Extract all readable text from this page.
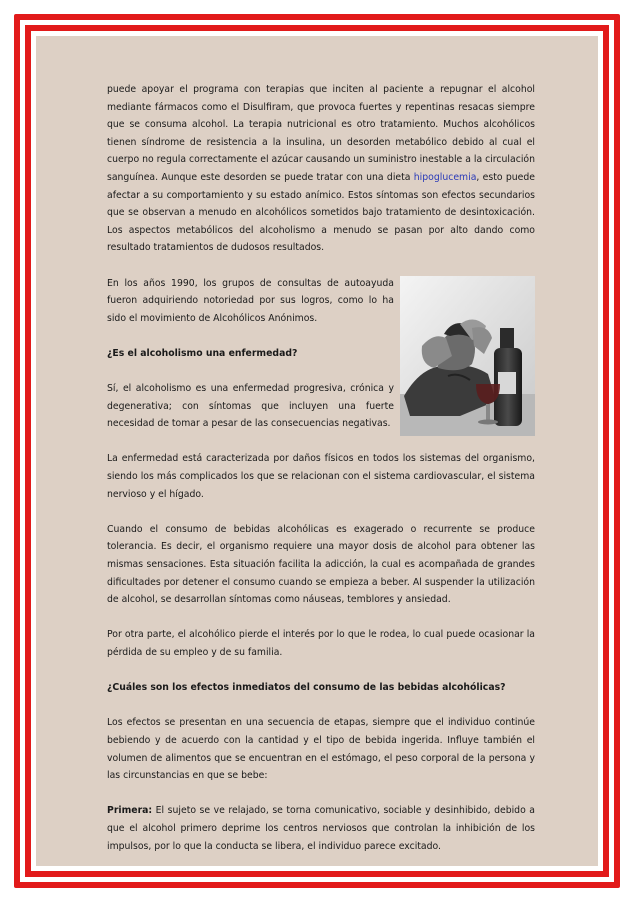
puede apoyar el programa con terapias que inciten al paciente a repugnar el alcohol mediante fármacos como el Disulfiram, que provoca fuertes y repentinas resacas siempre que se consuma alcohol. La terapia nutricional es otro tratamiento. Muchos alcohólicos tienen síndrome de resistencia a la insulina, un desorden metabólico debido al cual el cuerpo no regula correctamente el azúcar causando un suministro inestable a la circulación sanguínea. Aunque este desorden se puede tratar con una dieta hipoglucemia, esto puede afectar a su comportamiento y su estado anímico. Estos síntomas son efectos secundarios que se observan a menudo en alcohólicos sometidos bajo tratamiento de desintoxicación. Los aspectos metabólicos del alcoholismo a menudo se pasan por alto dando como resultado tratamientos de dudosos resultados.

En los años 1990, los grupos de consultas de autoayuda fueron adquiriendo notoriedad por sus logros, como lo ha sido el movimiento de Alcohólicos Anónimos.

¿Es el alcoholismo una enfermedad?

Sí, el alcoholismo es una enfermedad progresiva, crónica y degenerativa; con síntomas que incluyen una fuerte necesidad de tomar a pesar de las consecuencias negativas.

La enfermedad está caracterizada por daños físicos en todos los sistemas del organismo, siendo los más complicados los que se relacionan con el sistema cardiovascular, el sistema nervioso y el hígado.

Cuando el consumo de bebidas alcohólicas es exagerado o recurrente se produce tolerancia. Es decir, el organismo requiere una mayor dosis de alcohol para obtener las mismas sensaciones. Esta situación facilita la adicción, la cual es acompañada de grandes dificultades por detener el consumo cuando se empieza a beber. Al suspender la utilización de alcohol, se desarrollan síntomas como náuseas, temblores y ansiedad.

Por otra parte, el alcohólico pierde el interés por lo que le rodea, lo cual puede ocasionar la pérdida de su empleo y de su familia.

¿Cuáles son los efectos inmediatos del consumo de las bebidas alcohólicas?

Los efectos se presentan en una secuencia de etapas, siempre que el individuo continúe bebiendo y de acuerdo con la cantidad y el tipo de bebida ingerida. Influye también el volumen de alimentos que se encuentran en el estómago, el peso corporal de la persona y las circunstancias en que se bebe:

Primera: El sujeto se ve relajado, se torna comunicativo, sociable y desinhibido, debido a que el alcohol primero deprime los centros nerviosos que controlan la inhibición de los impulsos, por lo que la conducta se libera, el individuo parece excitado.
